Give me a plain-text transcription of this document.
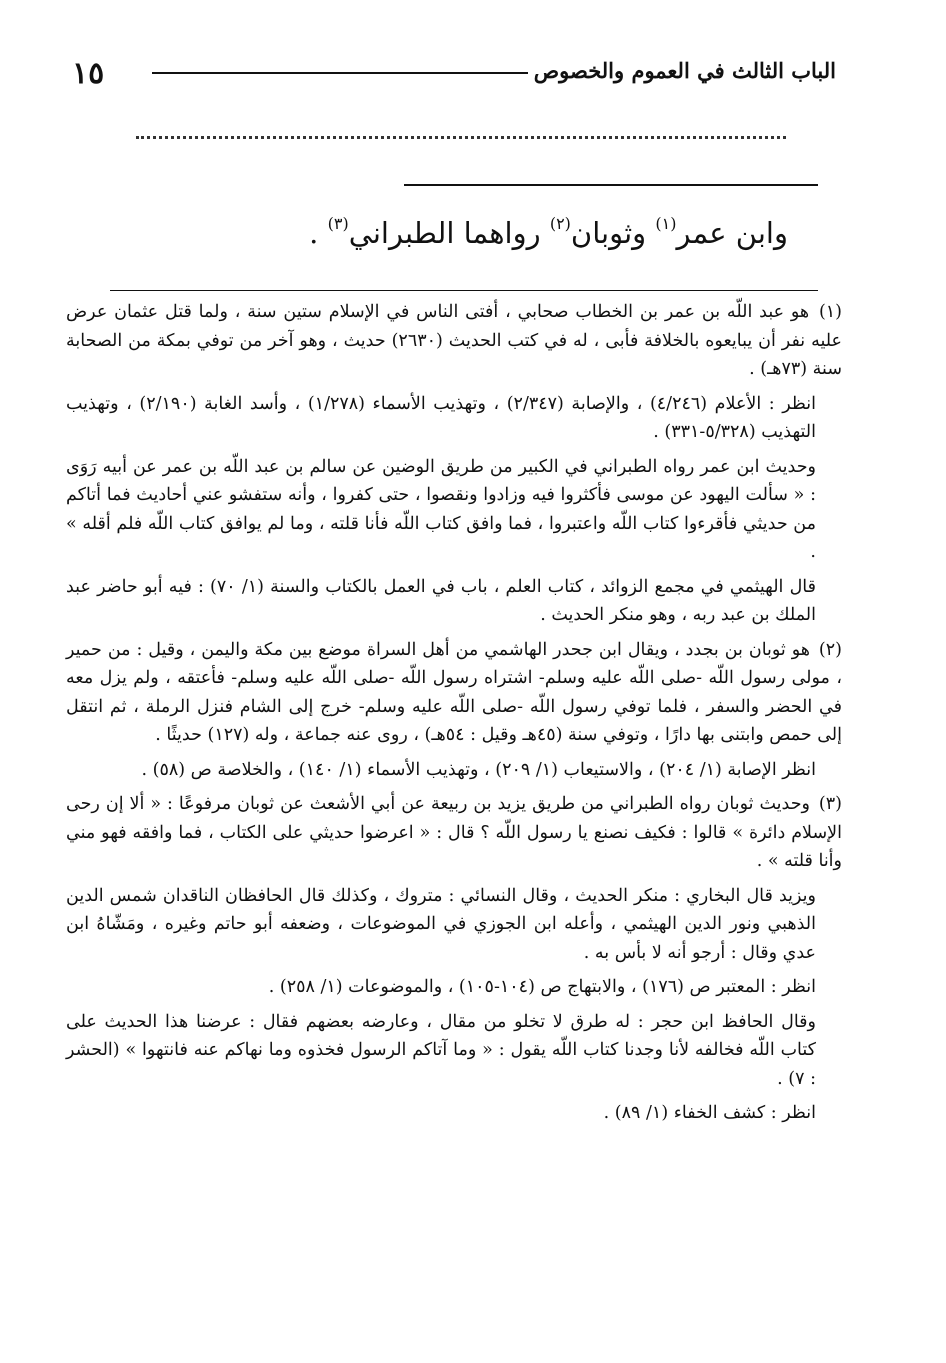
١٥	الباب الثالث في العموم والخصوص
وابن عمر$^{(١)}$ وثوبان$^{(٢)}$ رواهما الطبراني$^{(٣)}$ .

(١) هو عبد اللّه بن عمر بن الخطاب صحابي ، أفتى الناس في الإسلام ستين سنة ، ولما قتل عثمان عرض عليه نفر أن يبايعوه بالخلافة فأبى ، له في كتب الحديث (٢٦٣٠) حديث ، وهو آخر من توفي بمكة من الصحابة سنة (٧٣هـ) .

انظر : الأعلام (٤/٢٤٦) ، والإصابة (٢/٣٤٧) ، وتهذيب الأسماء (١/٢٧٨) ، وأسد الغابة (٢/١٩٠) ، وتهذيب التهذيب (٥/٣٢٨-٣٣١) .

وحديث ابن عمر رواه الطبراني في الكبير من طريق الوضين عن سالم بن عبد اللّه بن عمر عن أبيه رَوَى : « سألت اليهود عن موسى فأكثروا فيه وزادوا ونقصوا ، حتى كفروا ، وأنه ستفشو عني أحاديث فما أتاكم من حديثي فأقرءوا كتاب اللّه واعتبروا ، فما وافق كتاب اللّه فأنا قلته ، وما لم يوافق كتاب اللّه فلم أقله » .

قال الهيثمي في مجمع الزوائد ، كتاب العلم ، باب في العمل بالكتاب والسنة (١/ ٧٠) : فيه أبو حاضر عبد الملك بن عبد ربه ، وهو منكر الحديث .

(٢) هو ثوبان بن بجدد ، ويقال ابن جحدر الهاشمي من أهل السراة موضع بين مكة واليمن ، وقيل : من حمير ، مولى رسول اللّه -صلى اللّه عليه وسلم- اشتراه رسول اللّه -صلى اللّه عليه وسلم- فأعتقه ، ولم يزل معه في الحضر والسفر ، فلما توفي رسول اللّه -صلى اللّه عليه وسلم- خرج إلى الشام فنزل الرملة ، ثم انتقل إلى حمص وابتنى بها دارًا ، وتوفي سنة (٤٥هـ وقيل : ٥٤هـ) ، روى عنه جماعة ، وله (١٢٧) حديثًا .

انظر الإصابة (١/ ٢٠٤) ، والاستيعاب (١/ ٢٠٩) ، وتهذيب الأسماء (١/ ١٤٠) ، والخلاصة ص (٥٨) .

(٣) وحديث ثوبان رواه الطبراني من طريق يزيد بن ربيعة عن أبي الأشعث عن ثوبان مرفوعًا : « ألا إن رحى الإسلام دائرة » قالوا : فكيف نصنع يا رسول اللّه ؟ قال : « اعرضوا حديثي على الكتاب ، فما وافقه فهو مني وأنا قلته » .

ويزيد قال البخاري : منكر الحديث ، وقال النسائي : متروك ، وكذلك قال الحافظان الناقدان شمس الدين الذهبي ونور الدين الهيثمي ، وأعله ابن الجوزي في الموضوعات ، وضعفه أبو حاتم وغيره ، ومَشّاهُ ابن عدي وقال : أرجو أنه لا بأس به .

انظر : المعتبر ص (١٧٦) ، والابتهاج ص (١٠٤-١٠٥) ، والموضوعات (١/ ٢٥٨) .

وقال الحافظ ابن حجر : له طرق لا تخلو من مقال ، وعارضه بعضهم فقال : عرضنا هذا الحديث على كتاب اللّه فخالفه لأنا وجدنا كتاب اللّه يقول : « وما آتاكم الرسول فخذوه وما نهاكم عنه فانتهوا » (الحشر : ٧) .

انظر : كشف الخفاء (١/ ٨٩) .
